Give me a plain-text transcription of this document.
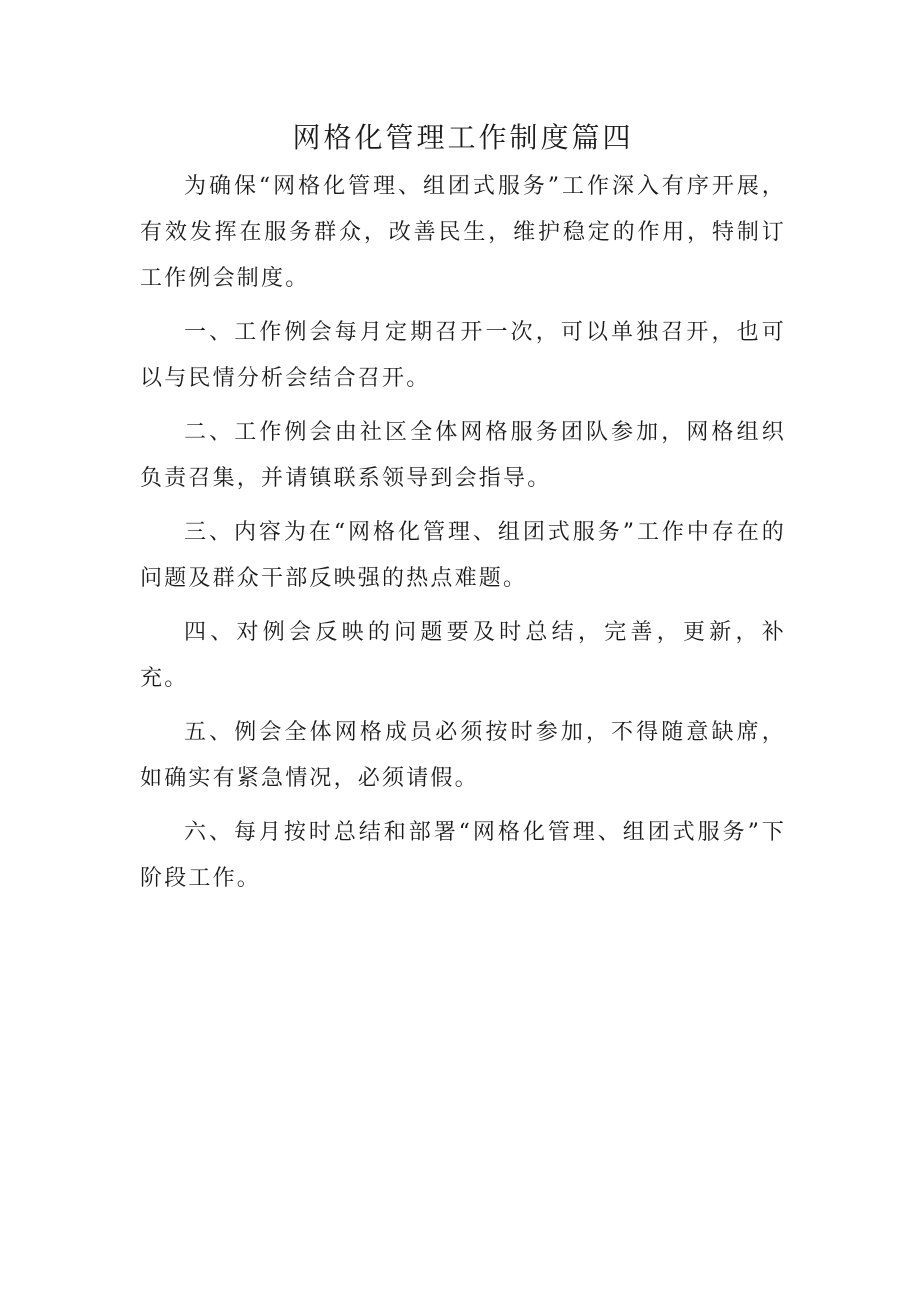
网格化管理工作制度篇四

为确保“网格化管理、组团式服务”工作深入有序开展，有效发挥在服务群众，改善民生，维护稳定的作用，特制订工作例会制度。

一、工作例会每月定期召开一次，可以单独召开，也可以与民情分析会结合召开。

二、工作例会由社区全体网格服务团队参加，网格组织负责召集，并请镇联系领导到会指导。

三、内容为在“网格化管理、组团式服务”工作中存在的问题及群众干部反映强的热点难题。

四、对例会反映的问题要及时总结，完善，更新，补充。

五、例会全体网格成员必须按时参加，不得随意缺席，如确实有紧急情况，必须请假。

六、每月按时总结和部署“网格化管理、组团式服务”下阶段工作。
